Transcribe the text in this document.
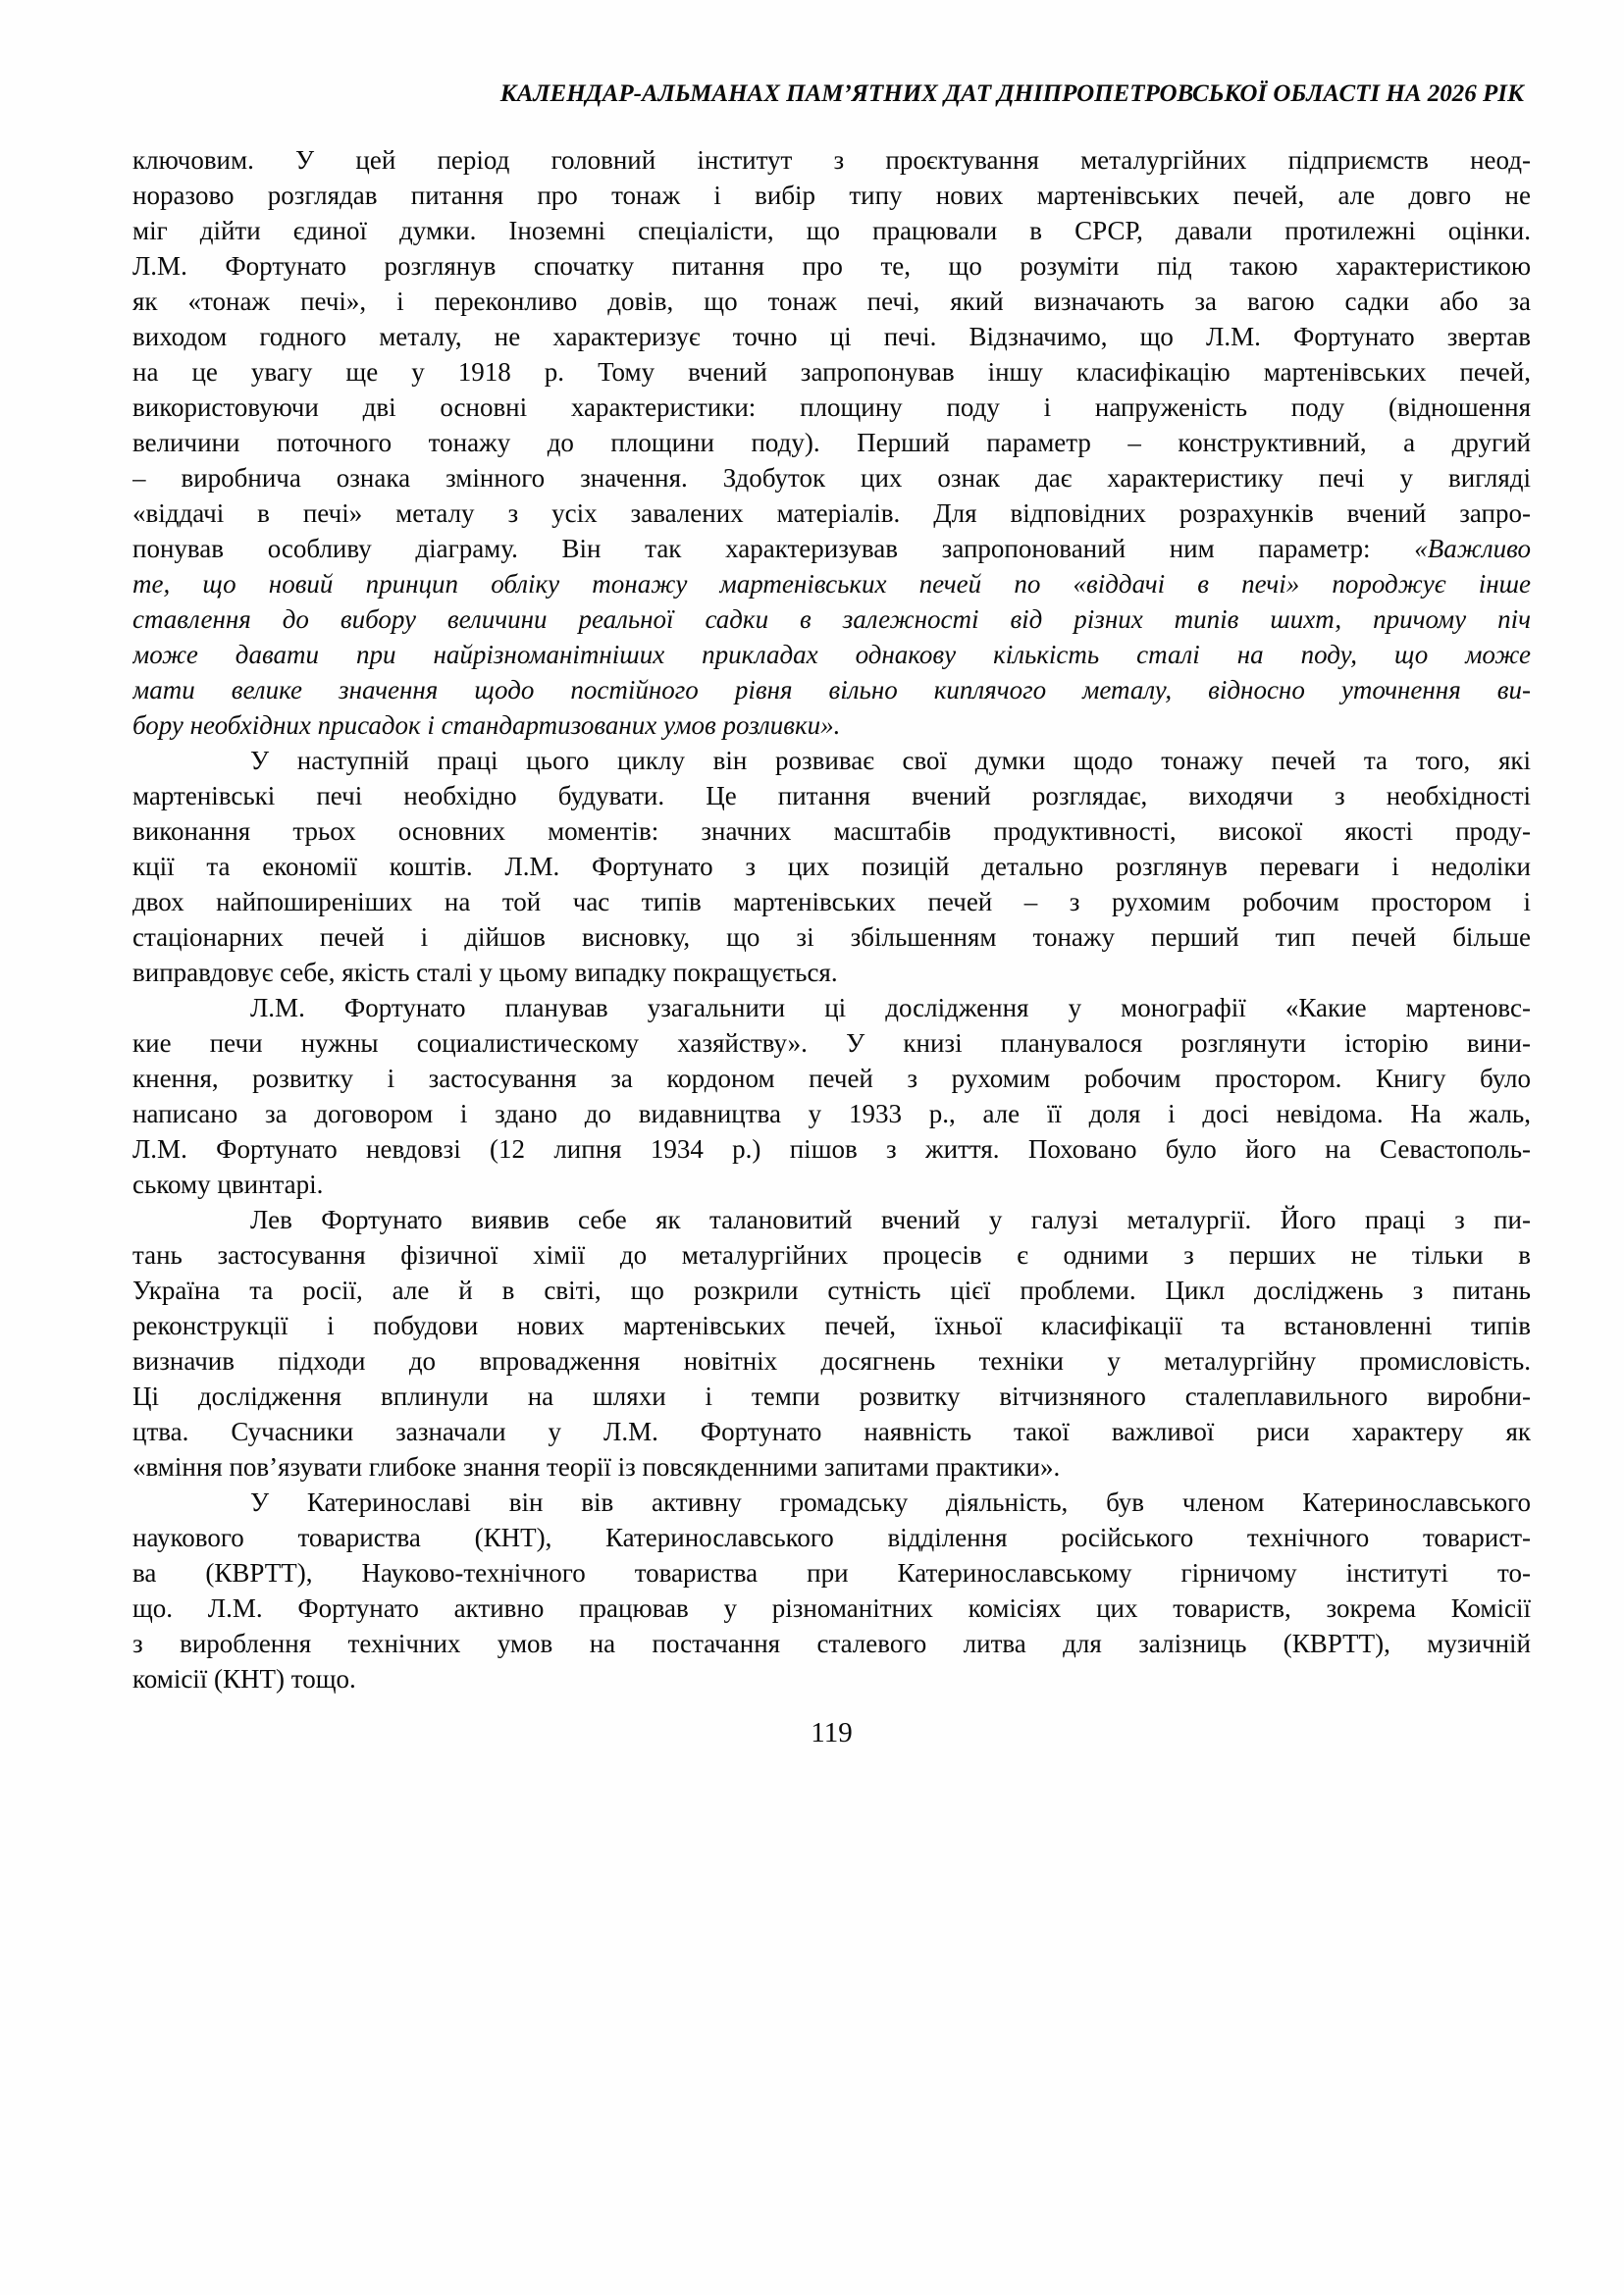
КАЛЕНДАР-АЛЬМАНАХ ПАМ’ЯТНИХ ДАТ ДНІПРОПЕТРОВСЬКОЇ ОБЛАСТІ НА 2026 РІК
ключовим. У цей період головний інститут з проєктування металургійних підприємств неод-
норазово розглядав питання про тонаж і вибір типу нових мартенівських печей, але довго не
міг дійти єдиної думки. Іноземні спеціалісти, що працювали в СРСР, давали протилежні оцінки.
Л.М. Фортунато розглянув спочатку питання про те, що розуміти під такою характеристикою
як «тонаж печі», і переконливо довів, що тонаж печі, який визначають за вагою садки або за
виходом годного металу, не характеризує точно ці печі. Відзначимо, що Л.М. Фортунато звертав
на це увагу ще у 1918 р. Тому вчений запропонував іншу класифікацію мартенівських печей,
використовуючи дві основні характеристики: площину поду і напруженість поду (відношення
величини поточного тонажу до площини поду). Перший параметр – конструктивний, а другий
– виробнича ознака змінного значення. Здобуток цих ознак дає характеристику печі у вигляді
«віддачі в печі» металу з усіх завалених матеріалів. Для відповідних розрахунків вчений запро-
понував особливу діаграму. Він так характеризував запропонований ним параметр: «Важливо
те, що новий принцип обліку тонажу мартенівських печей по «віддачі в печі» породжує інше
ставлення до вибору величини реальної садки в залежності від різних типів шихт, причому піч
може давати при найрізноманітніших прикладах однакову кількість сталі на поду, що може
мати велике значення щодо постійного рівня вільно киплячого металу, відносно уточнення ви-
бору необхідних присадок і стандартизованих умов розливки».
У наступній праці цього циклу він розвиває свої думки щодо тонажу печей та того, які
мартенівські печі необхідно будувати. Це питання вчений розглядає, виходячи з необхідності
виконання трьох основних моментів: значних масштабів продуктивності, високої якості проду-
кції та економії коштів. Л.М. Фортунато з цих позицій детально розглянув переваги і недоліки
двох найпоширеніших на той час типів мартенівських печей – з рухомим робочим простором і
стаціонарних печей і дійшов висновку, що зі збільшенням тонажу перший тип печей більше
виправдовує себе, якість сталі у цьому випадку покращується.
Л.М. Фортунато планував узагальнити ці дослідження у монографії «Какие мартеновс-
кие печи нужны социалистическому хазяйству». У книзі планувалося розглянути історію вини-
кнення, розвитку і застосування за кордоном печей з рухомим робочим простором. Книгу було
написано за договором і здано до видавництва у 1933 р., але її доля і досі невідома. На жаль,
Л.М. Фортунато невдовзі (12 липня 1934 р.) пішов з життя. Поховано було його на Севастополь-
ському цвинтарі.
Лев Фортунато виявив себе як талановитий вчений у галузі металургії. Його праці з пи-
тань застосування фізичної хімії до металургійних процесів є одними з перших не тільки в
Україна та росії, але й в світі, що розкрили сутність цієї проблеми. Цикл досліджень з питань
реконструкції і побудови нових мартенівських печей, їхньої класифікації та встановленні типів
визначив підходи до впровадження новітніх досягнень техніки у металургійну промисловість.
Ці дослідження вплинули на шляхи і темпи розвитку вітчизняного сталеплавильного виробни-
цтва. Сучасники зазначали у Л.М. Фортунато наявність такої важливої риси характеру як
«вміння пов’язувати глибоке знання теорії із повсякденними запитами практики».
У Катеринославі він вів активну громадську діяльність, був членом Катеринославського
наукового товариства (КНТ), Катеринославського відділення російського технічного товарист-
ва (КВРТТ), Науково-технічного товариства при Катеринославському гірничому інституті то-
що. Л.М. Фортунато активно працював у різноманітних комісіях цих товариств, зокрема Комісії
з вироблення технічних умов на постачання сталевого литва для залізниць (КВРТТ), музичній
комісії (КНТ) тощо.
119
